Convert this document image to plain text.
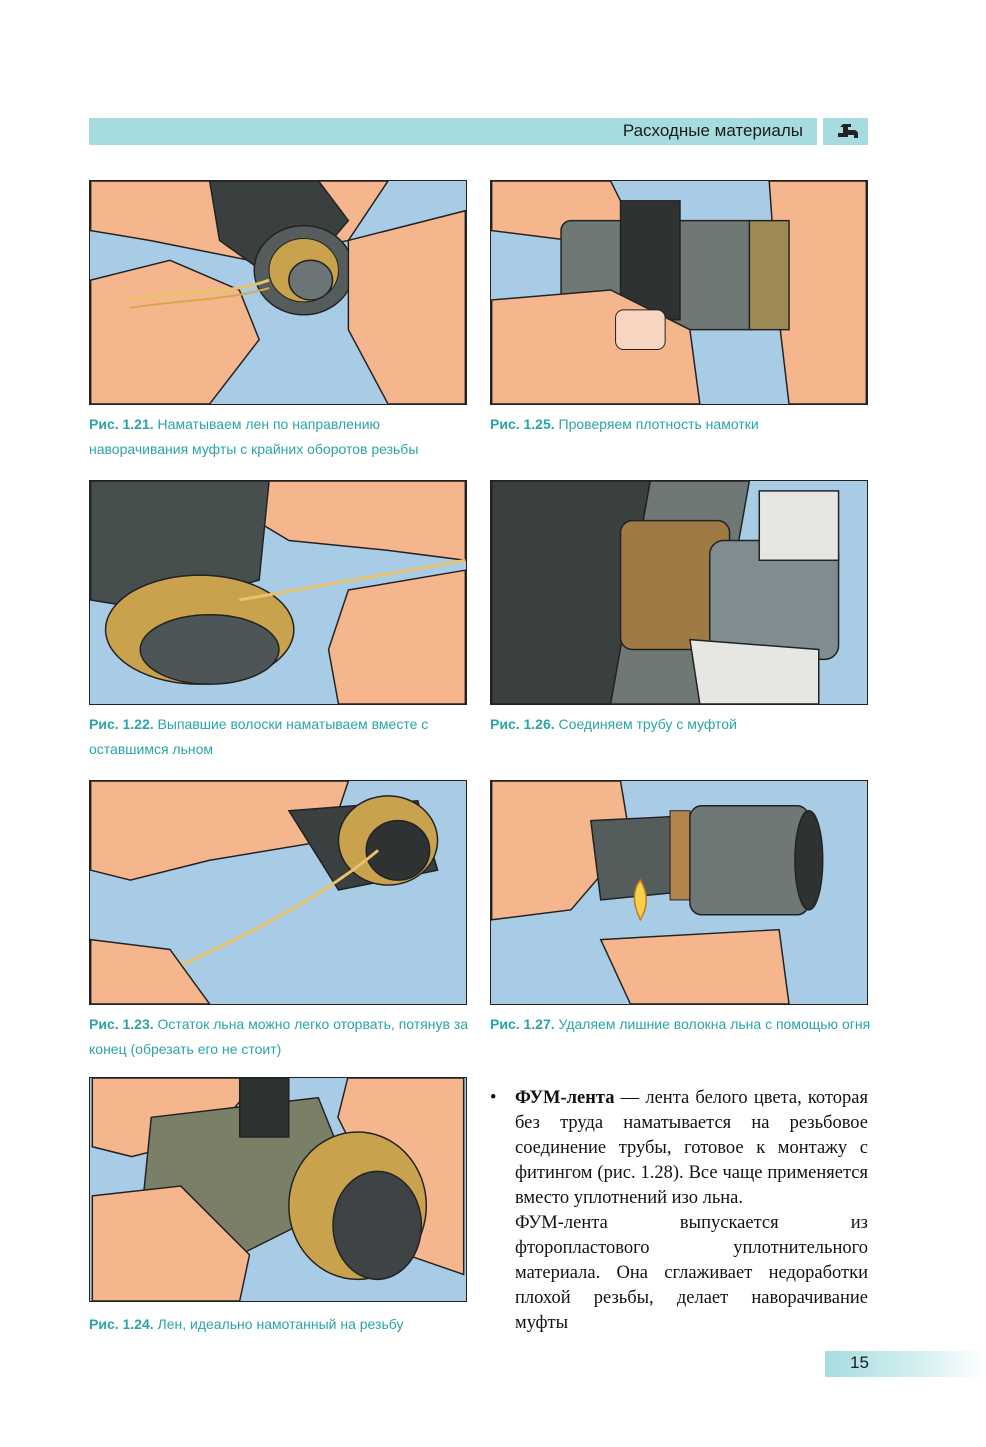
Расходные материалы
Рис. 1.21. Наматываем лен по направлению наворачивания муфты с крайних оборотов резьбы
Рис. 1.25. Проверяем плотность намотки
Рис. 1.22. Выпавшие волоски наматываем вместе с оставшимся льном
Рис. 1.26. Соединяем трубу с муфтой
Рис. 1.23. Остаток льна можно легко оторвать, потянув за конец (обрезать его не стоит)
Рис. 1.27. Удаляем лишние волокна льна с помощью огня
Рис. 1.24. Лен, идеально намотанный на резьбу
•	ФУМ-лента — лента белого цвета, которая без труда наматывается на резьбовое соединение трубы, готовое к монтажу с фитингом (рис. 1.28). Все чаще применяется вместо уплотнений изо льна.
ФУМ-лента выпускается из фторопластового уплотнительного материала. Она сглаживает недоработки плохой резьбы, делает наворачивание муфты
15
